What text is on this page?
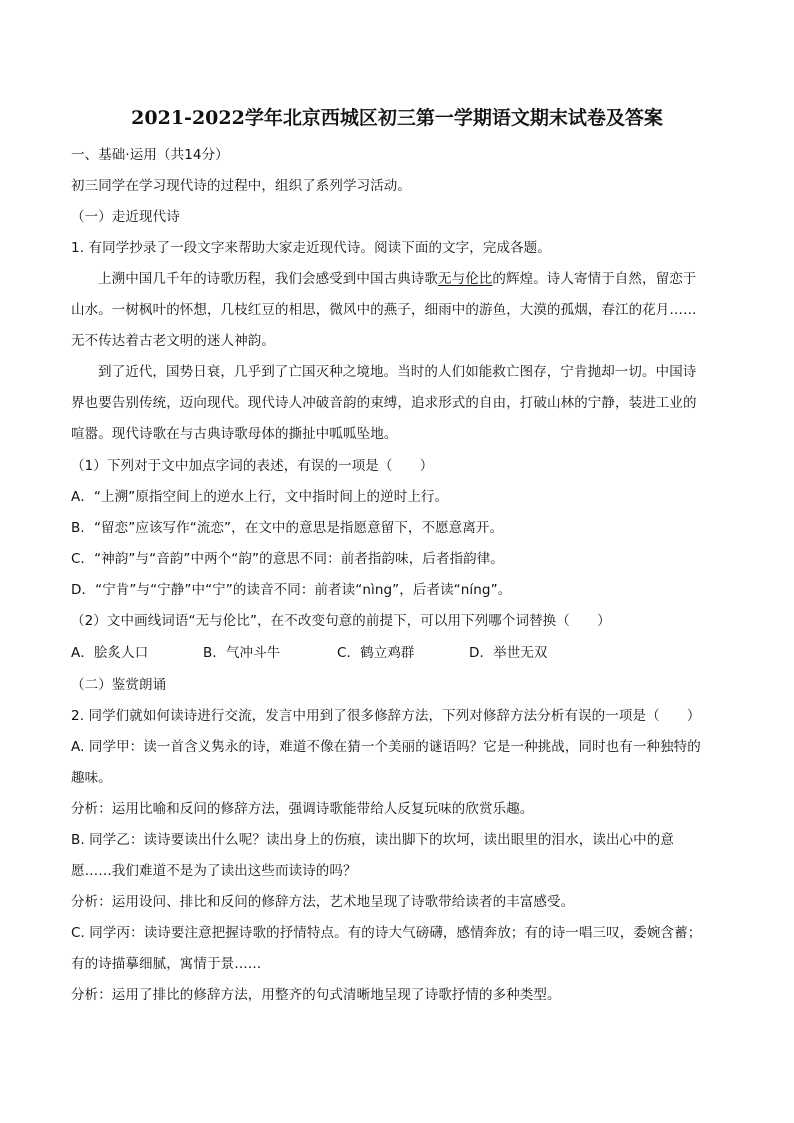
2021-2022学年北京西城区初三第一学期语文期末试卷及答案
一、基础·运用（共14分）
初三同学在学习现代诗的过程中，组织了系列学习活动。
（一）走近现代诗
1. 有同学抄录了一段文字来帮助大家走近现代诗。阅读下面的文字，完成各题。
上溯中国几千年的诗歌历程，我们会感受到中国古典诗歌无与伦比的辉煌。诗人寄情于自然，留恋于
山水。一树枫叶的怀想，几枝红豆的相思，微风中的燕子，细雨中的游鱼，大漠的孤烟，春江的花月……
无不传达着古老文明的迷人神韵。
到了近代，国势日衰，几乎到了亡国灭种之境地。当时的人们如能救亡图存，宁肯抛却一切。中国诗
界也要告别传统，迈向现代。现代诗人冲破音韵的束缚，追求形式的自由，打破山林的宁静，装进工业的
喧嚣。现代诗歌在与古典诗歌母体的撕扯中呱呱坠地。
（1）下列对于文中加点字词的表述，有误的一项是（　　）
A．“上溯”原指空间上的逆水上行，文中指时间上的逆时上行。
B．“留恋”应该写作“流恋”，在文中的意思是指愿意留下，不愿意离开。
C．“神韵”与“音韵”中两个“韵”的意思不同：前者指韵味，后者指韵律。
D．“宁肯”与“宁静”中“宁”的读音不同：前者读“nìng”，后者读“níng”。
（2）文中画线词语“无与伦比”，在不改变句意的前提下，可以用下列哪个词替换（　　）
A．脍炙人口	B．气冲斗牛	C．鹤立鸡群	D．举世无双
（二）鉴赏朗诵
2. 同学们就如何读诗进行交流，发言中用到了很多修辞方法，下列对修辞方法分析有误的一项是（　　）
A. 同学甲：读一首含义隽永的诗，难道不像在猜一个美丽的谜语吗？它是一种挑战，同时也有一种独特的
趣味。
分析：运用比喻和反问的修辞方法，强调诗歌能带给人反复玩味的欣赏乐趣。
B. 同学乙：读诗要读出什么呢？读出身上的伤痕，读出脚下的坎坷，读出眼里的泪水，读出心中的意
愿……我们难道不是为了读出这些而读诗的吗？
分析：运用设问、排比和反问的修辞方法，艺术地呈现了诗歌带给读者的丰富感受。
C. 同学丙：读诗要注意把握诗歌的抒情特点。有的诗大气磅礴，感情奔放；有的诗一唱三叹，委婉含蓄；
有的诗描摹细腻，寓情于景……
分析：运用了排比的修辞方法，用整齐的句式清晰地呈现了诗歌抒情的多种类型。
